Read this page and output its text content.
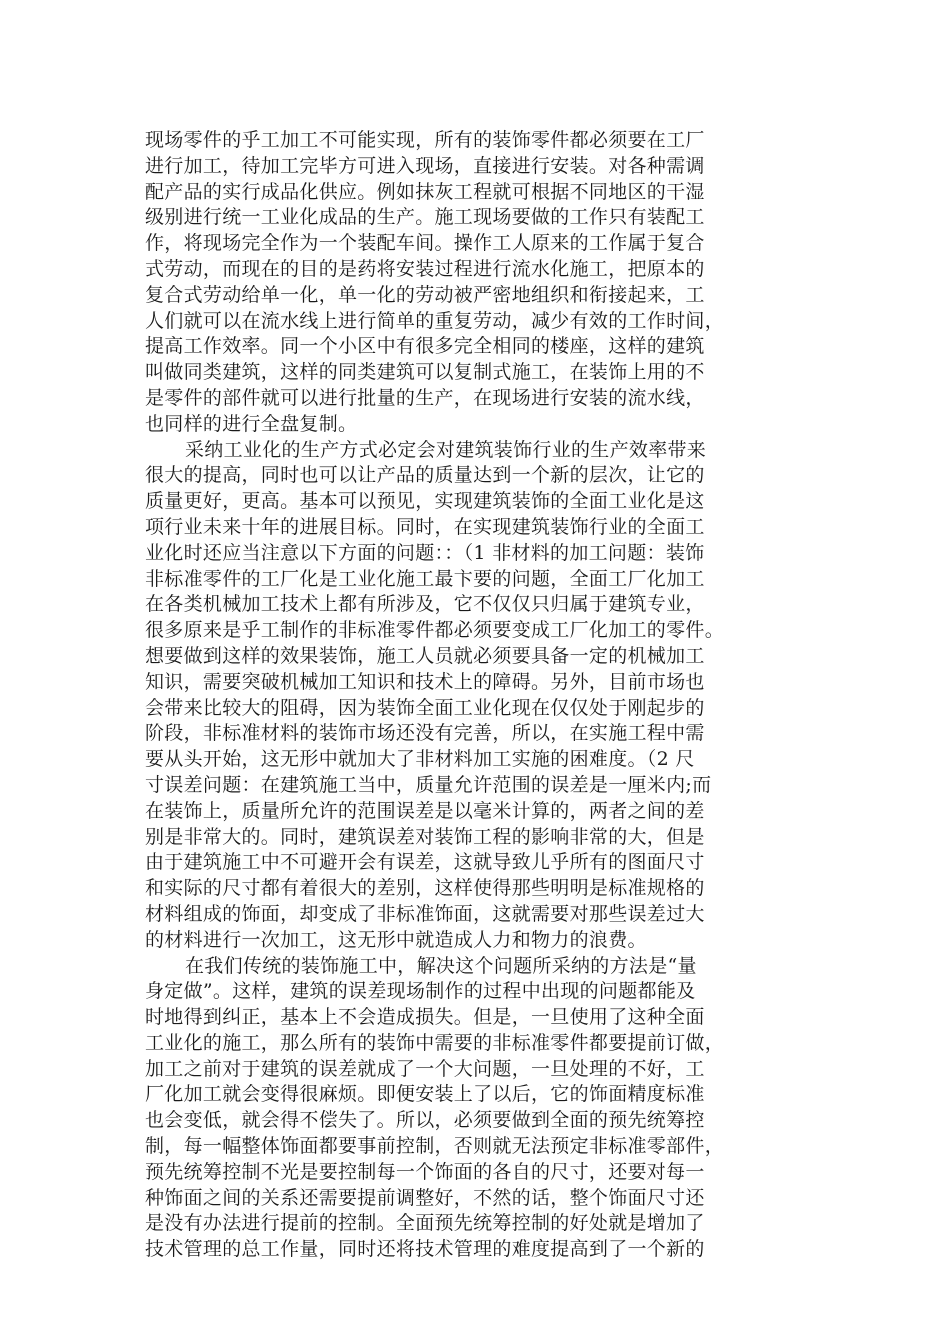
现场零件的乎工加工不可能实现，所有的装饰零件都必须要在工厂
进行加工，待加工完毕方可进入现场，直接进行安装。对各种需调
配产品的实行成品化供应。例如抹灰工程就可根据不同地区的干湿
级别进行统一工业化成品的生产。施工现场要做的工作只有装配工
作，将现场完全作为一个装配车间。操作工人原来的工作属于复合
式劳动，而现在的目的是药将安装过程进行流水化施工，把原本的
复合式劳动给单一化，单一化的劳动被严密地组织和衔接起来，工
人们就可以在流水线上进行简单的重复劳动，减少有效的工作时间，
提高工作效率。同一个小区中有很多完全相同的楼座，这样的建筑
叫做同类建筑，这样的同类建筑可以复制式施工，在装饰上用的不
是零件的部件就可以进行批量的生产，在现场进行安装的流水线，
也同样的进行全盘复制。
采纳工业化的生产方式必定会对建筑装饰行业的生产效率带来
很大的提高，同时也可以让产品的质量达到一个新的层次，让它的
质量更好，更高。基本可以预见，实现建筑装饰的全面工业化是这
项行业未来十年的进展目标。同时，在实现建筑装饰行业的全面工
业化时还应当注意以下方面的问题：：（1 非材料的加工问题：装饰
非标准零件的工厂化是工业化施工最卞要的问题，全面工厂化加工
在各类机械加工技术上都有所涉及，它不仅仅只归属于建筑专业，
很多原来是乎工制作的非标准零件都必须要变成工厂化加工的零件。
想要做到这样的效果装饰，施工人员就必须要具备一定的机械加工
知识，需要突破机械加工知识和技术上的障碍。另外，目前市场也
会带来比较大的阻碍，因为装饰全面工业化现在仅仅处于刚起步的
阶段，非标准材料的装饰市场还没有完善，所以，在实施工程中需
要从头开始，这无形中就加大了非材料加工实施的困难度。（2 尺
寸误差问题：在建筑施工当中，质量允许范围的误差是一厘米内;而
在装饰上，质量所允许的范围误差是以毫米计算的，两者之间的差
别是非常大的。同时，建筑误差对装饰工程的影响非常的大，但是
由于建筑施工中不可避开会有误差，这就导致儿乎所有的图面尺寸
和实际的尺寸都有着很大的差别，这样使得那些明明是标准规格的
材料组成的饰面，却变成了非标准饰面，这就需要对那些误差过大
的材料进行一次加工，这无形中就造成人力和物力的浪费。
在我们传统的装饰施工中，解决这个问题所采纳的方法是“量
身定做”。这样，建筑的误差现场制作的过程中出现的问题都能及
时地得到纠正，基本上不会造成损失。但是，一旦使用了这种全面
工业化的施工，那么所有的装饰中需要的非标准零件都要提前订做，
加工之前对于建筑的误差就成了一个大问题，一旦处理的不好，工
厂化加工就会变得很麻烦。即便安装上了以后，它的饰面精度标准
也会变低，就会得不偿失了。所以，必须要做到全面的预先统筹控
制，每一幅整体饰面都要事前控制，否则就无法预定非标准零部件，
预先统筹控制不光是要控制每一个饰面的各自的尺寸，还要对每一
种饰面之间的关系还需要提前调整好，不然的话，整个饰面尺寸还
是没有办法进行提前的控制。全面预先统筹控制的好处就是增加了
技术管理的总工作量，同时还将技术管理的难度提高到了一个新的
